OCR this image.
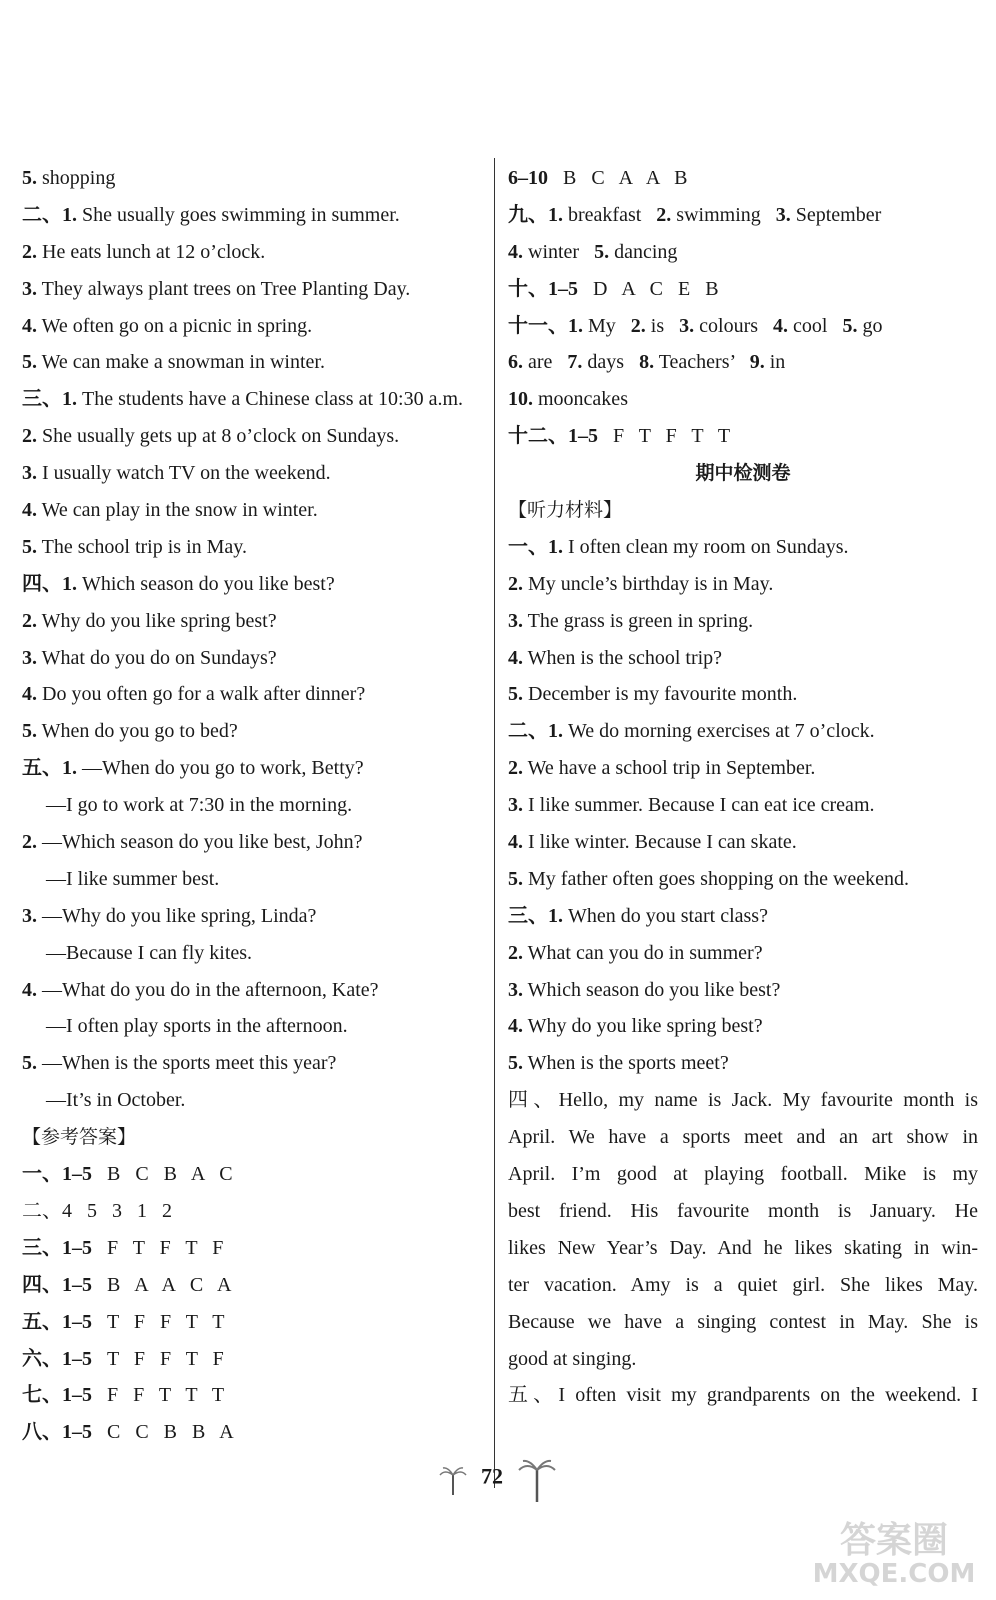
5. shopping
二、1. She usually goes swimming in summer.
2. He eats lunch at 12 o’clock.
3. They always plant trees on Tree Planting Day.
4. We often go on a picnic in spring.
5. We can make a snowman in winter.
三、1. The students have a Chinese class at 10:30 a.m.
2. She usually gets up at 8 o’clock on Sundays.
3. I usually watch TV on the weekend.
4. We can play in the snow in winter.
5. The school trip is in May.
四、1. Which season do you like best?
2. Why do you like spring best?
3. What do you do on Sundays?
4. Do you often go for a walk after dinner?
5. When do you go to bed?
五、1. —When do you go to work, Betty?
—I go to work at 7:30 in the morning.
2. —Which season do you like best, John?
—I like summer best.
3. —Why do you like spring, Linda?
—Because I can fly kites.
4. —What do you do in the afternoon, Kate?
—I often play sports in the afternoon.
5. —When is the sports meet this year?
—It’s in October.
【参考答案】
一、1–5   B   C   B   A   C
二、4   5   3   1   2
三、1–5   F   T   F   T   F
四、1–5   B   A   A   C   A
五、1–5   T   F   F   T   T
六、1–5   T   F   F   T   F
七、1–5   F   F   T   T   T
八、1–5   C   C   B   B   A
6–10   B   C   A   A   B
九、1. breakfast   2. swimming   3. September
4. winter   5. dancing
十、1–5   D   A   C   E   B
十一、1. My   2. is   3. colours   4. cool   5. go
6. are   7. days   8. Teachers’   9. in
10. mooncakes
十二、1–5   F   T   F   T   T
期中检测卷
【听力材料】
一、1. I often clean my room on Sundays.
2. My uncle’s birthday is in May.
3. The grass is green in spring.
4. When is the school trip?
5. December is my favourite month.
二、1. We do morning exercises at 7 o’clock.
2. We have a school trip in September.
3. I like summer. Because I can eat ice cream.
4. I like winter. Because I can skate.
5. My father often goes shopping on the weekend.
三、1. When do you start class?
2. What can you do in summer?
3. Which season do you like best?
4. Why do you like spring best?
5. When is the sports meet?
四、Hello, my name is Jack. My favourite month is
April. We have a sports meet and an art show in
April. I’m good at playing football. Mike is my
best friend. His favourite month is January. He
likes New Year’s Day. And he likes skating in win-
ter vacation. Amy is a quiet girl. She likes May.
Because we have a singing contest in May. She is
good at singing.
五、I often visit my grandparents on the weekend. I
72
答案圈
MXQE.COM
